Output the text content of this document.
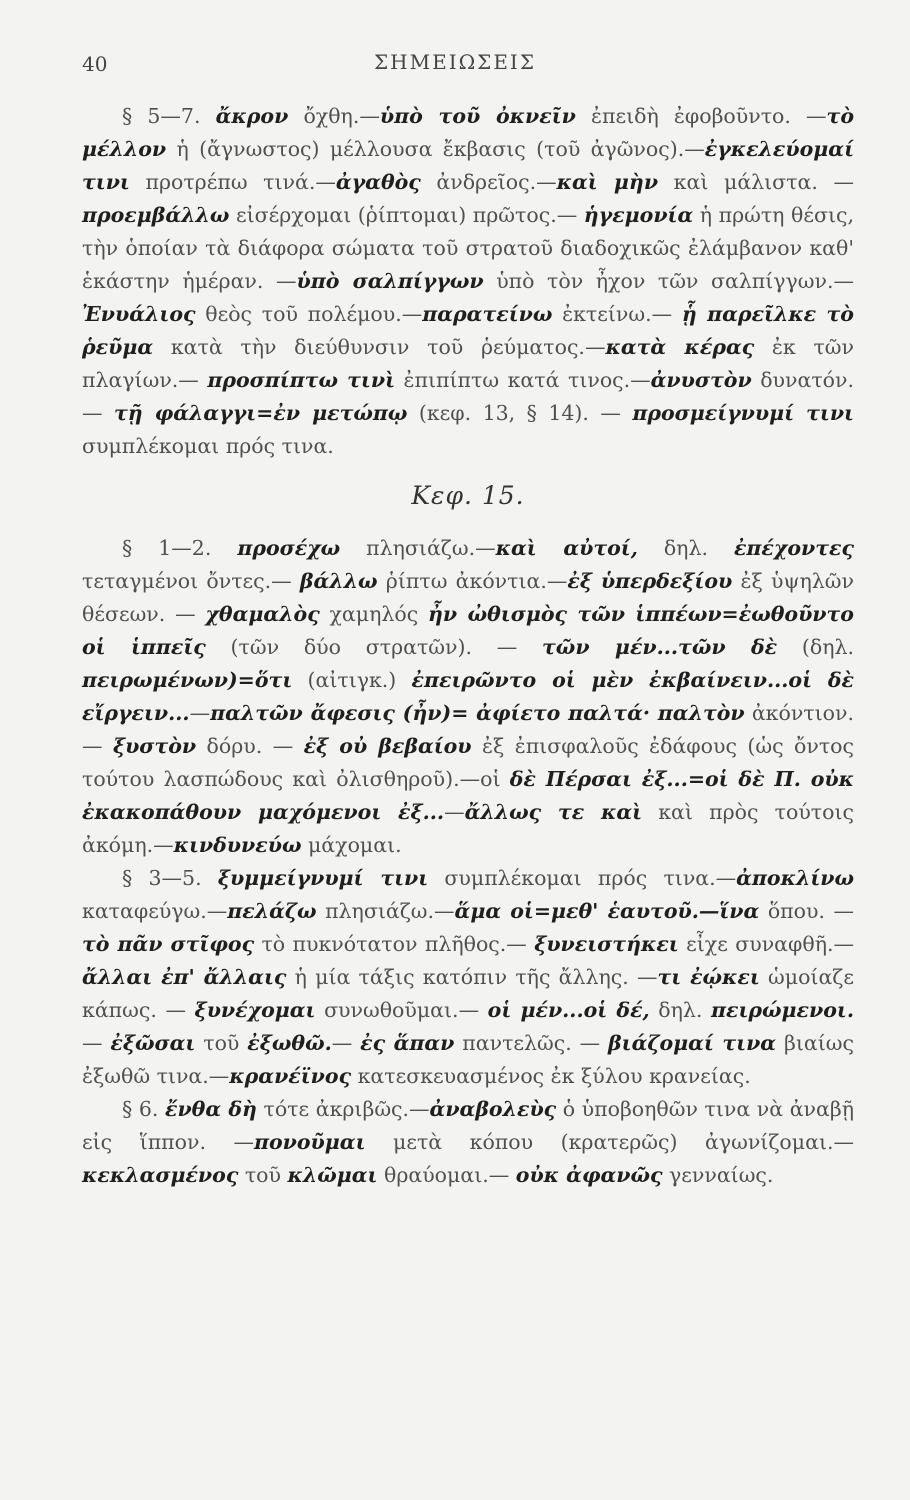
40	ΣΗΜΕΙΩΣΕΙΣ

§ 5—7. ἄκρον ὄχθη.—ὑπὸ τοῦ ὀκνεῖν ἐπειδὴ ἐφοβοῦντο. —τὸ μέλλον ἡ (ἄγνωστος) μέλλουσα ἔκβασις (τοῦ ἀγῶνος).—ἐγκελεύομαί τινι προτρέπω τινά.—ἀγαθὸς ἀνδρεῖος.—καὶ μὴν καὶ μάλιστα. —προεμβάλλω εἰσέρχομαι (ῥίπτομαι) πρῶτος.— ἡγεμονία ἡ πρώτη θέσις, τὴν ὁποίαν τὰ διάφορα σώματα τοῦ στρατοῦ διαδοχικῶς ἐλάμβανον καθ' ἑκάστην ἡμέραν. —ὑπὸ σαλπίγγων ὑπὸ τὸν ἦχον τῶν σαλπίγγων.—Ἐνυάλιος θεὸς τοῦ πολέμου.—παρατείνω ἐκτείνω.— ᾗ παρεῖλκε τὸ ῥεῦμα κατὰ τὴν διεύθυνσιν τοῦ ῥεύματος.—κατὰ κέρας ἐκ τῶν πλαγίων.— προσπίπτω τινὶ ἐπιπίπτω κατά τινος.—ἀνυστὸν δυνατόν.— τῇ φάλαγγι=ἐν μετώπῳ (κεφ. 13, § 14). — προσμείγνυμί τινι συμπλέκομαι πρός τινα.

Κεφ. 15.

§ 1—2. προσέχω πλησιάζω.—καὶ αὐτοί, δηλ. ἐπέχοντες τεταγμένοι ὄντες.— βάλλω ῥίπτω ἀκόντια.—ἐξ ὑπερδεξίου ἐξ ὑψηλῶν θέσεων. — χθαμαλὸς χαμηλός ἦν ὠθισμὸς τῶν ἱππέων=ἐωθοῦντο οἱ ἱππεῖς (τῶν δύο στρατῶν). — τῶν μέν...τῶν δὲ (δηλ. πειρωμένων)=ὅτι (αἰτιγκ.) ἐπειρῶντο οἱ μὲν ἐκβαίνειν...οἱ δὲ εἴργειν...—παλτῶν ἄφεσις (ἦν)= ἀφίετο παλτά· παλτὸν ἀκόντιον. — ξυστὸν δόρυ. — ἐξ οὐ βεβαίου ἐξ ἐπισφαλοῦς ἐδάφους (ὡς ὄντος τούτου λασπώδους καὶ ὀλισθηροῦ).—οἱ δὲ Πέρσαι ἐξ...=οἱ δὲ Π. οὐκ ἐκακοπάθουν μαχόμενοι ἐξ...—ἄλλως τε καὶ καὶ πρὸς τούτοις ἀκόμη.—κινδυνεύω μάχομαι.

§ 3—5. ξυμμείγνυμί τινι συμπλέκομαι πρός τινα.—ἀποκλίνω καταφεύγω.—πελάζω πλησιάζω.—ἅμα οἱ=μεθ' ἑαυτοῦ.—ἵνα ὅπου. —τὸ πᾶν στῖφος τὸ πυκνότατον πλῆθος.— ξυνειστήκει εἶχε συναφθῆ.—ἄλλαι ἐπ' ἄλλαις ἡ μία τάξις κατόπιν τῆς ἄλλης. —τι ἐῴκει ὡμοίαζε κάπως. — ξυνέχομαι συνωθοῦμαι.— οἱ μέν...οἱ δέ, δηλ. πειρώμενοι. — ἐξῶσαι τοῦ ἐξωθῶ.— ἐς ἅπαν παντελῶς. — βιάζομαί τινα βιαίως ἐξωθῶ τινα.—κρανέϊνος κατεσκευασμένος ἐκ ξύλου κρανείας.

§ 6. ἔνθα δὴ τότε ἀκριβῶς.—ἀναβολεὺς ὁ ὑποβοηθῶν τινα νὰ ἀναβῇ εἰς ἵππον. —πονοῦμαι μετὰ κόπου (κρατερῶς) ἀγωνίζομαι.—κεκλασμένος τοῦ κλῶμαι θραύομαι.— οὐκ ἀφανῶς γενναίως.
